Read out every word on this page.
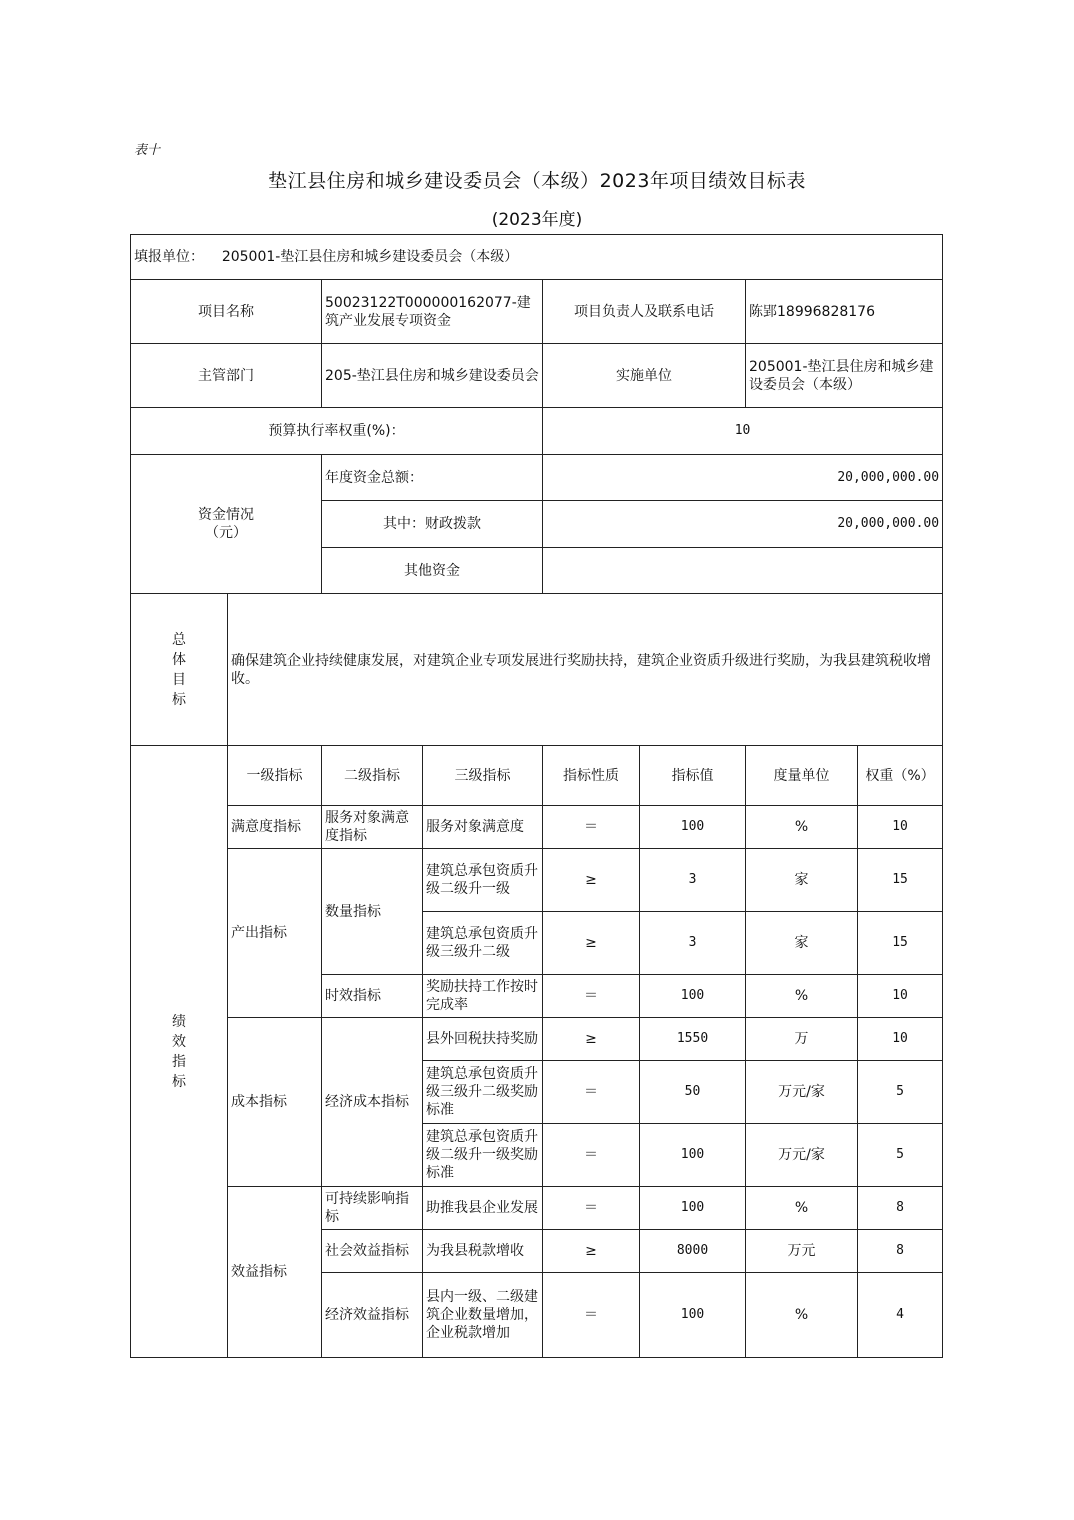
表十
垫江县住房和城乡建设委员会（本级）2023年项目绩效目标表
(2023年度)
填报单位： 205001-垫江县住房和城乡建设委员会（本级）							
项目名称		50023122T000000162077-建筑产业发展专项资金		项目负责人及联系电话		陈郢18996828176	
主管部门		205-垫江县住房和城乡建设委员会		实施单位		205001-垫江县住房和城乡建设委员会（本级）	
预算执行率权重(%)：				10			
资金情况
（元）		年度资金总额：		20,000,000.00			
		其中：财政拨款		20,000,000.00			
		其他资金					

总
体
目
标	确保建筑企业持续健康发展，对建筑企业专项发展进行奖励扶持，建筑企业资质升级进行奖励，为我县建筑税收增收。						

绩
效
指
标	一级指标	二级指标	三级指标	指标性质	指标值	度量单位	权重（%）
	满意度指标	服务对象满意度指标	服务对象满意度	＝	100	%	10
	产出指标	数量指标	建筑总承包资质升级二级升一级	≥	3	家	15
			建筑总承包资质升级三级升二级	≥	3	家	15
		时效指标	奖励扶持工作按时完成率	＝	100	%	10
	成本指标	经济成本指标	县外回税扶持奖励	≥	1550	万	10
			建筑总承包资质升级三级升二级奖励标准	＝	50	万元/家	5
			建筑总承包资质升级二级升一级奖励标准	＝	100	万元/家	5
	效益指标	可持续影响指标	助推我县企业发展	＝	100	%	8
		社会效益指标	为我县税款增收	≥	8000	万元	8
		经济效益指标	县内一级、二级建筑企业数量增加，企业税款增加	＝	100	%	4
